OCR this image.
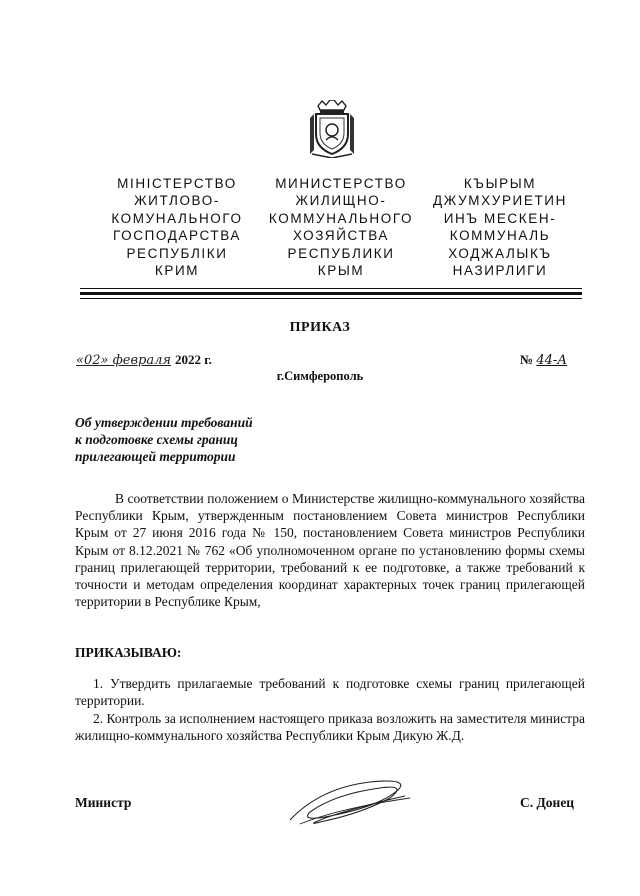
МІНІСТЕРСТВО
ЖИТЛОВО-
КОМУНАЛЬНОГО
ГОСПОДАРСТВА
РЕСПУБЛІКИ
КРИМ
МИНИСТЕРСТВО
ЖИЛИЩНО-
КОММУНАЛЬНОГО
ХОЗЯЙСТВА
РЕСПУБЛИКИ
КРЫМ
КЪЫРЫМ
ДЖУМХУРИЕТИН
ИНЪ МЕСКЕН-
КОММУНАЛЬ
ХОДЖАЛЫКЪ
НАЗИРЛИГИ
ПРИКАЗ
«02» февраля 2022 г.	№ 44-А
г.Симферополь
Об утверждении требований
к подготовке схемы границ
прилегающей территории
В соответствии положением о Министерстве жилищно-коммунального хозяйства Республики Крым, утвержденным постановлением Совета министров Республики Крым от 27 июня 2016 года № 150, постановлением Совета министров Республики Крым от 8.12.2021 № 762 «Об уполномоченном органе по установлению формы схемы границ прилегающей территории, требований к ее подготовке, а также требований к точности и методам определения координат характерных точек границ прилегающей территории в Республике Крым,
ПРИКАЗЫВАЮ:
1. Утвердить прилагаемые требований к подготовке схемы границ прилегающей территории.
2. Контроль за исполнением настоящего приказа возложить на заместителя министра жилищно-коммунального хозяйства Республики Крым Дикую Ж.Д.
Министр	С. Донец
